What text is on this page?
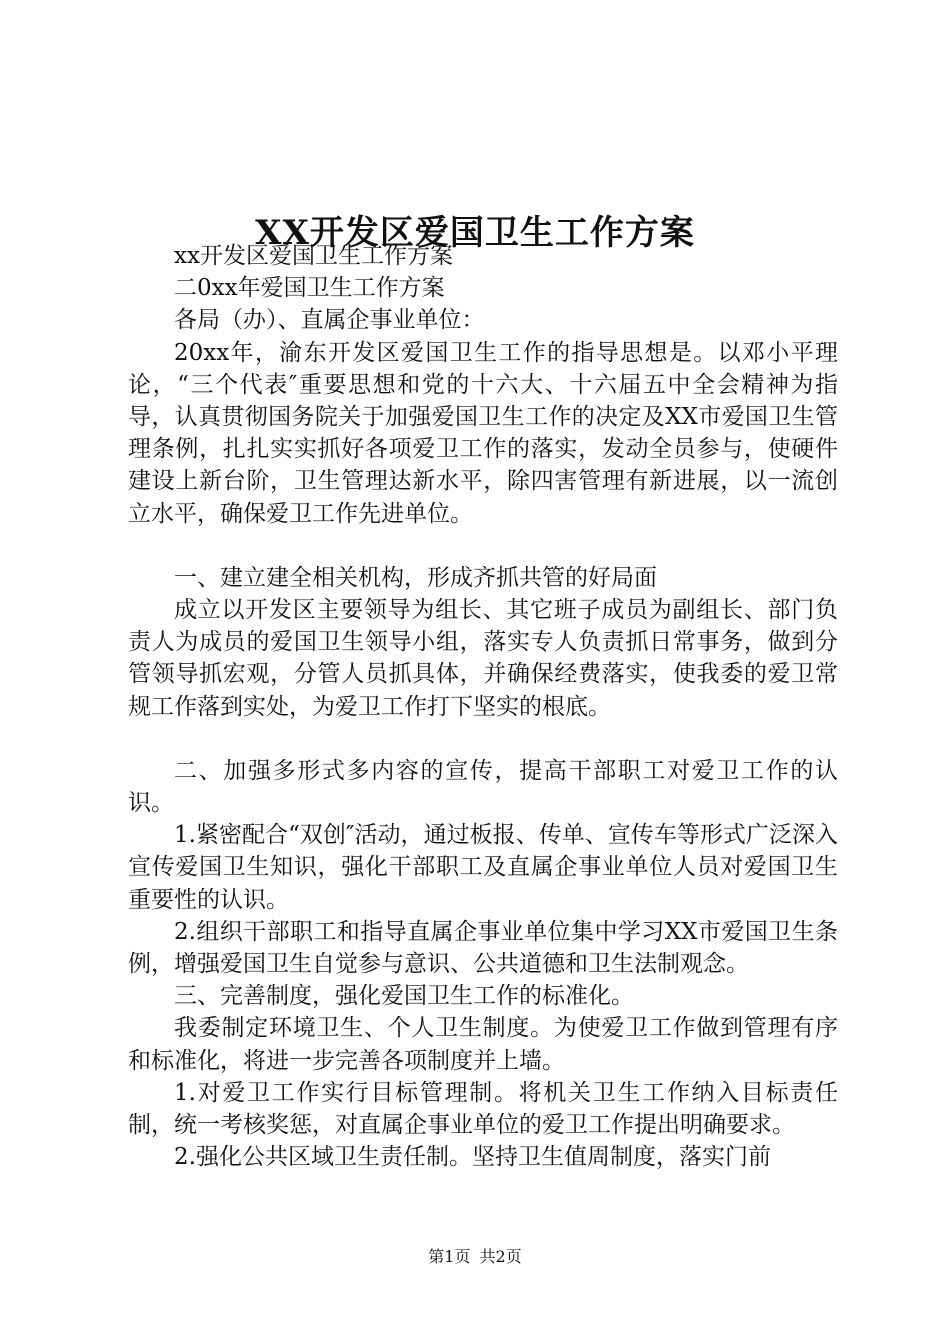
XX开发区爱国卫生工作方案

xx开发区爱国卫生工作方案

二0xx年爱国卫生工作方案

各局（办）、直属企事业单位：

20xx年，渝东开发区爱国卫生工作的指导思想是。以邓小平理论，“三个代表″重要思想和党的十六大、十六届五中全会精神为指导，认真贯彻国务院关于加强爱国卫生工作的决定及XX市爱国卫生管理条例，扎扎实实抓好各项爱卫工作的落实，发动全员参与，使硬件建设上新台阶，卫生管理达新水平，除四害管理有新进展，以一流创立水平，确保爱卫工作先进单位。

一、建立建全相关机构，形成齐抓共管的好局面

成立以开发区主要领导为组长、其它班子成员为副组长、部门负责人为成员的爱国卫生领导小组，落实专人负责抓日常事务，做到分管领导抓宏观，分管人员抓具体，并确保经费落实，使我委的爱卫常规工作落到实处，为爱卫工作打下坚实的根底。

二、加强多形式多内容的宣传，提高干部职工对爱卫工作的认识。

1.紧密配合“双创″活动，通过板报、传单、宣传车等形式广泛深入宣传爱国卫生知识，强化干部职工及直属企事业单位人员对爱国卫生重要性的认识。

2.组织干部职工和指导直属企事业单位集中学习XX市爱国卫生条例，增强爱国卫生自觉参与意识、公共道德和卫生法制观念。

三、完善制度，强化爱国卫生工作的标准化。

我委制定环境卫生、个人卫生制度。为使爱卫工作做到管理有序和标准化，将进一步完善各项制度并上墙。

1.对爱卫工作实行目标管理制。将机关卫生工作纳入目标责任制，统一考核奖惩，对直属企事业单位的爱卫工作提出明确要求。

2.强化公共区域卫生责任制。坚持卫生值周制度，落实门前

第1页 共2页
